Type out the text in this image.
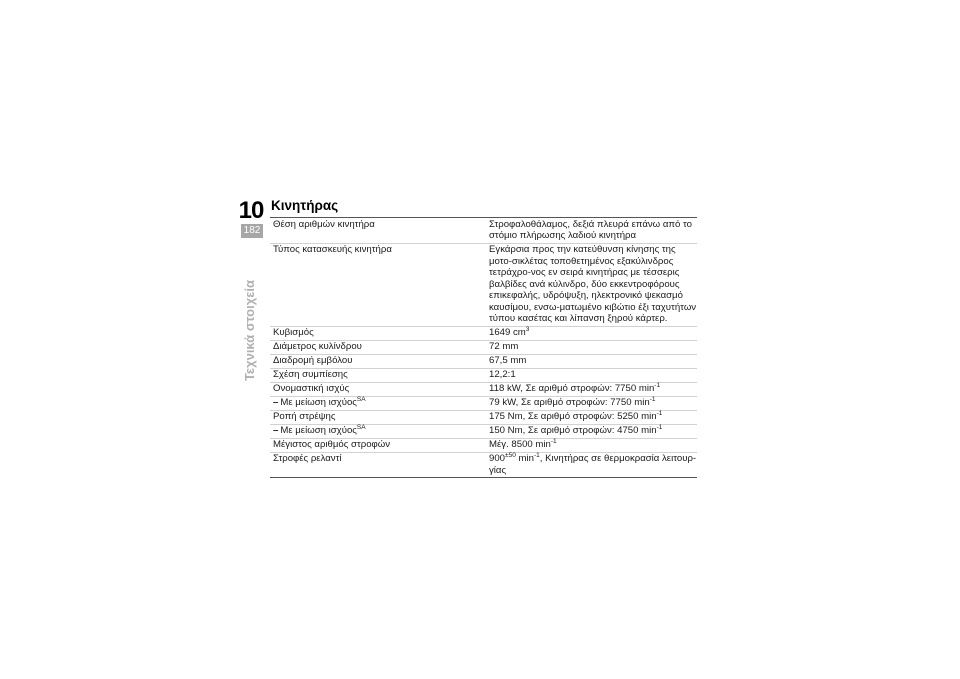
10
182
Τεχνικά στοιχεία
Κινητήρας
Θέση αριθμών κινητήρα	Στροφαλοθάλαμος, δεξιά πλευρά επάνω από το στόμιο πλήρωσης λαδιού κινητήρα
Τύπος κατασκευής κινητήρα	Εγκάρσια προς την κατεύθυνση κίνησης της μοτο-σικλέτας τοποθετημένος εξακύλινδρος τετράχρο-νος εν σειρά κινητήρας με τέσσερις βαλβίδες ανά κύλινδρο, δύο εκκεντροφόρους επικεφαλής, υδρόψυξη, ηλεκτρονικό ψεκασμό καυσίμου, ενσω-ματωμένο κιβώτιο έξι ταχυτήτων τύπου κασέτας και λίπανση ξηρού κάρτερ.
Κυβισμός	1649 $cm^3$
Διάμετρος κυλίνδρου	72 mm
Διαδρομή εμβόλου	67,5 mm
Σχέση συμπίεσης	12,2:1
Ονομαστική ισχύς	118 kW, Σε αριθμό στροφών: 7750 $\min^{-1}$
– Με μείωση ισχύος$^{SA}$	79 kW, Σε αριθμό στροφών: 7750 $\min^{-1}$
Ροπή στρέψης	175 Nm, Σε αριθμό στροφών: 5250 $\min^{-1}$
– Με μείωση ισχύος$^{SA}$	150 Nm, Σε αριθμό στροφών: 4750 $\min^{-1}$
Μέγιστος αριθμός στροφών	Μέγ. 8500 $\min^{-1}$
Στροφές ρελαντί	$900^{\pm 50}$ $\min^{-1}$, Κινητήρας σε θερμοκρασία λειτουρ-γίας
